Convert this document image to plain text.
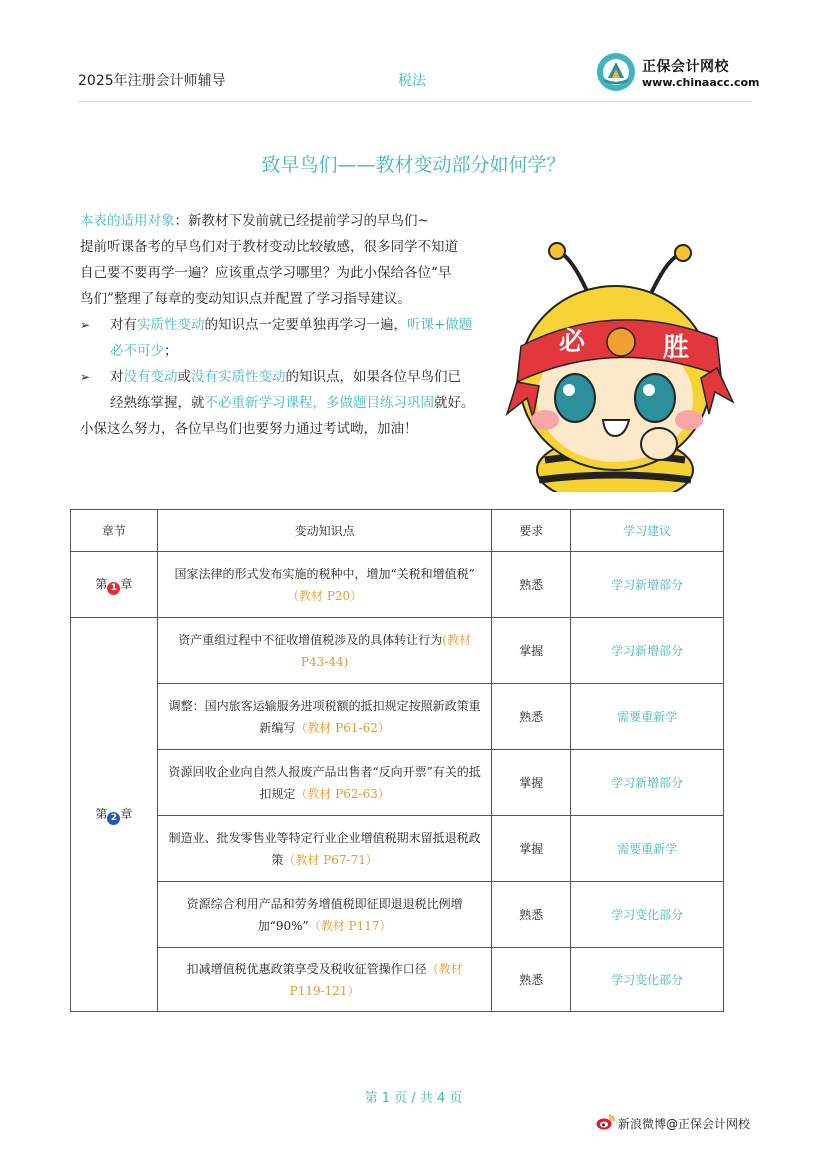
2025年注册会计师辅导	税法
正保会计网校
www.chinaacc.com
致早鸟们——教材变动部分如何学？
本表的适用对象：新教材下发前就已经提前学习的早鸟们~
提前听课备考的早鸟们对于教材变动比较敏感，很多同学不知道
自己要不要再学一遍？应该重点学习哪里？为此小保给各位“早
鸟们”整理了每章的变动知识点并配置了学习指导建议。
➢ 对有实质性变动的知识点一定要单独再学习一遍，听课+做题
必不可少；
➢ 对没有变动或没有实质性变动的知识点，如果各位早鸟们已
经熟练掌握，就不必重新学习课程，多做题目练习巩固就好。
小保这么努力，各位早鸟们也要努力通过考试呦，加油！
必	胜
章节	变动知识点	要求	学习建议
第 1 章	国家法律的形式发布实施的税种中，增加“关税和增值税”
（教材 P20）	熟悉	学习新增部分
第 2 章	资产重组过程中不征收增值税涉及的具体转让行为(教材 P43-44)	掌握	学习新增部分
	调整：国内旅客运输服务进项税额的抵扣规定按照新政策重新编写（教材 P61-62）	熟悉	需要重新学
	资源回收企业向自然人报废产品出售者“反向开票”有关的抵扣规定（教材 P62-63）	掌握	学习新增部分
	制造业、批发零售业等特定行业企业增值税期末留抵退税政策（教材 P67-71）	掌握	需要重新学
	资源综合利用产品和劳务增值税即征即退退税比例增加“90%”（教材 P117）	熟悉	学习变化部分
	扣减增值税优惠政策享受及税收征管操作口径（教材 P119-121）	熟悉	学习变化部分
第 1 页 / 共 4 页
新浪微博@正保会计网校
